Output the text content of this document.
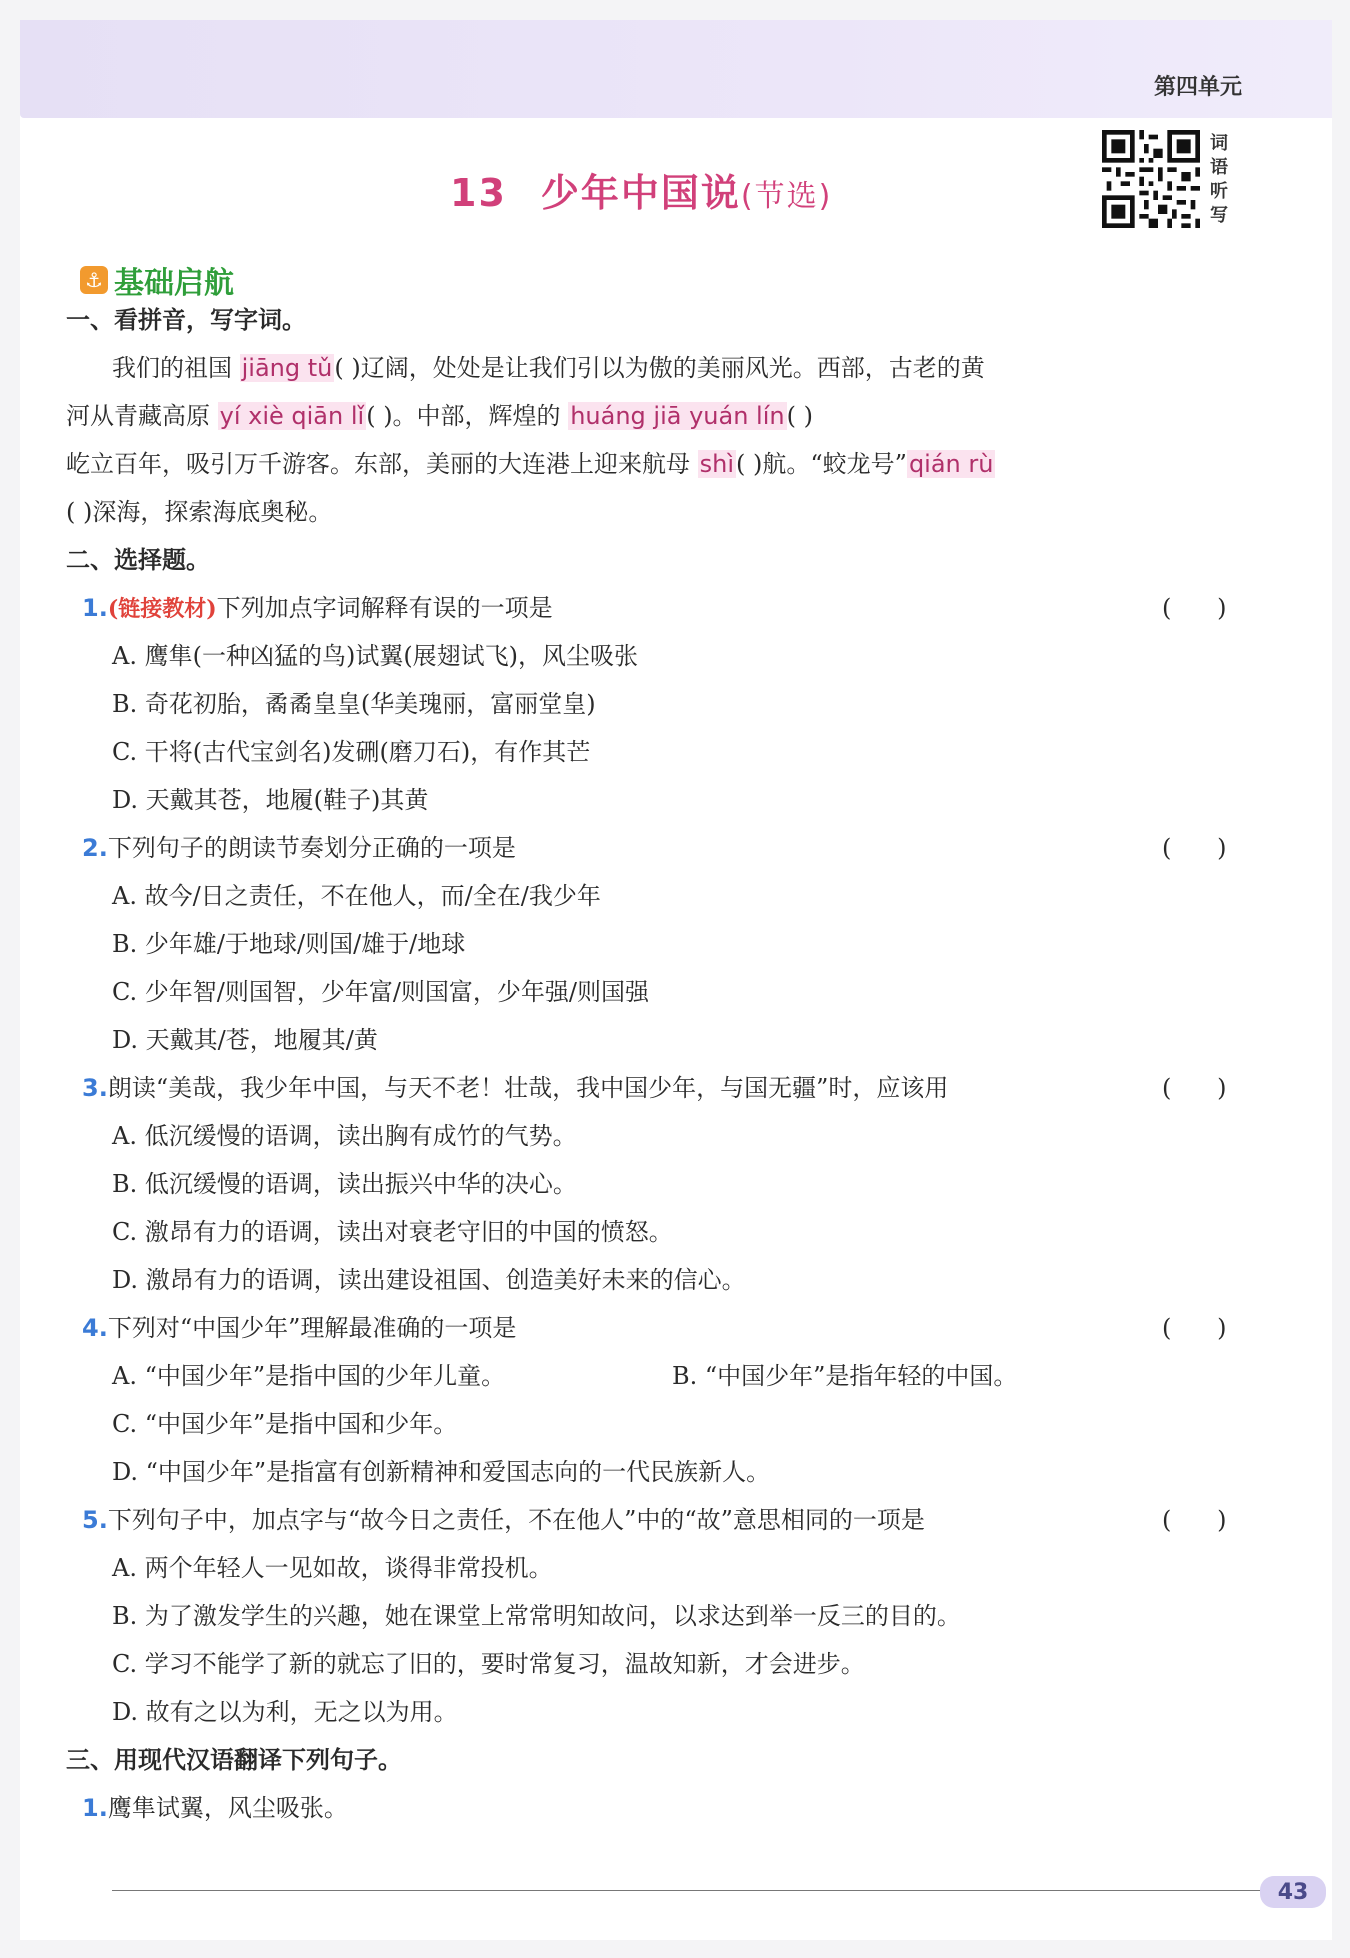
第四单元
13 少年中国说(节选)
词
语
听
写
⚓ 基础启航
一、看拼音，写字词。
我们的祖国 jiāng tǔ( )辽阔，处处是让我们引以为傲的美丽风光。西部，古老的黄
河从青藏高原 yí xiè qiān lǐ( )。中部，辉煌的 huáng jiā yuán lín( )
屹立百年，吸引万千游客。东部，美丽的大连港上迎来航母 shì( )航。“蛟龙号”qián rù
( )深海，探索海底奥秘。
二、选择题。
1.(链接教材)下列加点字词解释有误的一项是	(      )
A. 鹰隼(一种凶猛的鸟)试翼(展翅试飞)，风尘吸张
B. 奇花初胎，矞矞皇皇(华美瑰丽，富丽堂皇)
C. 干将(古代宝剑名)发硎(磨刀石)，有作其芒
D. 天戴其苍，地履(鞋子)其黄
2.下列句子的朗读节奏划分正确的一项是	(      )
A. 故今/日之责任，不在他人，而/全在/我少年
B. 少年雄/于地球/则国/雄于/地球
C. 少年智/则国智，少年富/则国富，少年强/则国强
D. 天戴其/苍，地履其/黄
3.朗读“美哉，我少年中国，与天不老！壮哉，我中国少年，与国无疆”时，应该用	(      )
A. 低沉缓慢的语调，读出胸有成竹的气势。
B. 低沉缓慢的语调，读出振兴中华的决心。
C. 激昂有力的语调，读出对衰老守旧的中国的愤怒。
D. 激昂有力的语调，读出建设祖国、创造美好未来的信心。
4.下列对“中国少年”理解最准确的一项是	(      )
A. “中国少年”是指中国的少年儿童。	B. “中国少年”是指年轻的中国。
C. “中国少年”是指中国和少年。
D. “中国少年”是指富有创新精神和爱国志向的一代民族新人。
5.下列句子中，加点字与“故今日之责任，不在他人”中的“故”意思相同的一项是	(      )
A. 两个年轻人一见如故，谈得非常投机。
B. 为了激发学生的兴趣，她在课堂上常常明知故问，以求达到举一反三的目的。
C. 学习不能学了新的就忘了旧的，要时常复习，温故知新，才会进步。
D. 故有之以为利，无之以为用。
三、用现代汉语翻译下列句子。
1.鹰隼试翼，风尘吸张。
43
